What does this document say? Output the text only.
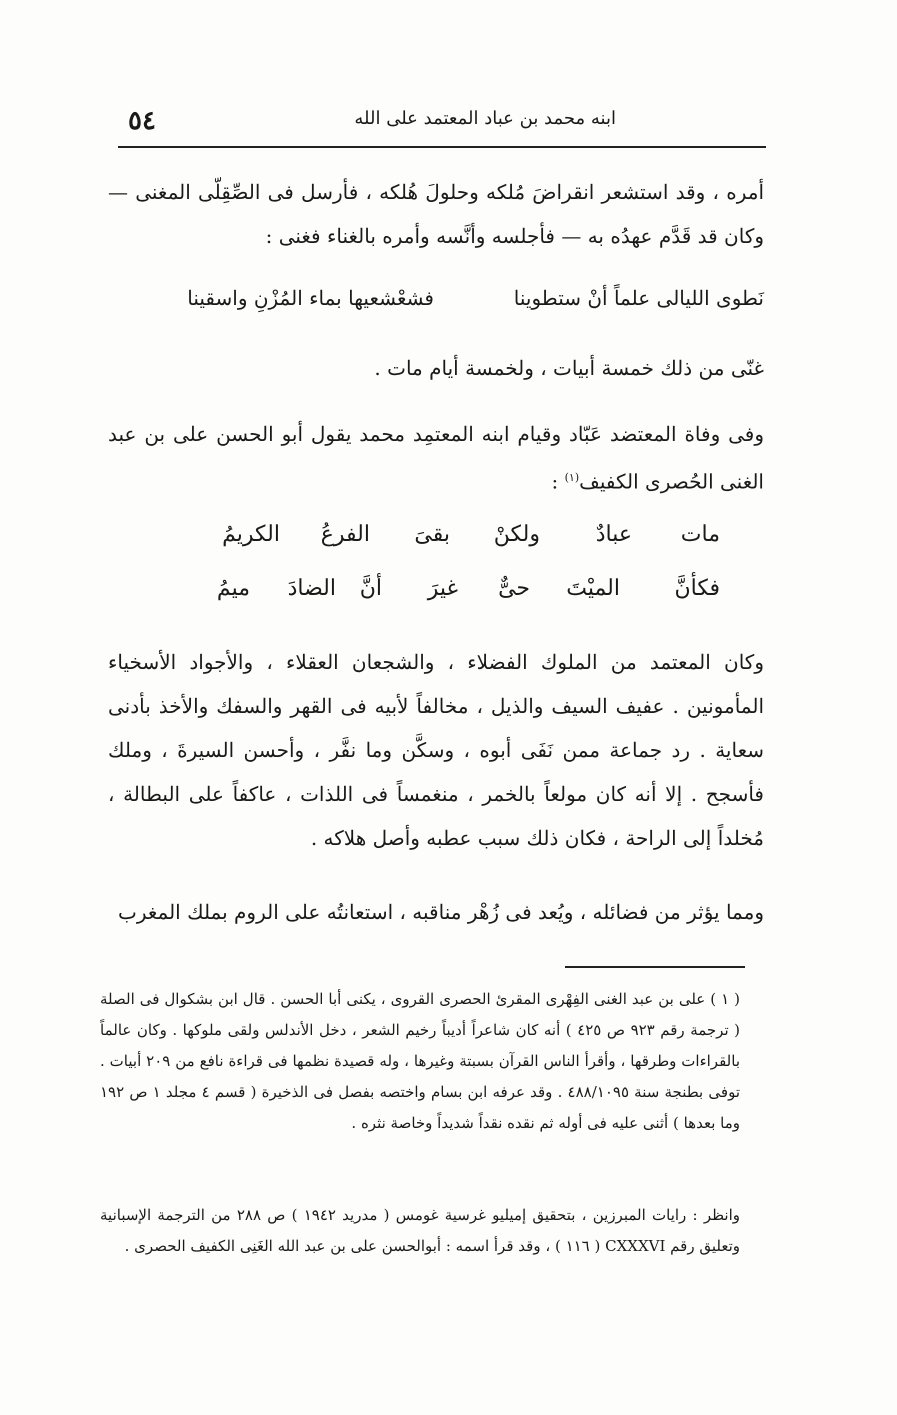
٥٤	ابنه محمد بن عباد المعتمد على الله

أمره ، وقد استشعر انقراضَ مُلكه وحلولَ هُلكه ، فأرسل فى الصِّقِلّى المغنى — وكان قد قَدَّم عهدُه به — فأجلسه وأنَّسه وأمره بالغناء فغنى :

نَطوى الليالى علماً أنْ ستطوينا
فشعْشعيها بماء المُزْنِ واسقينا

غنّى من ذلك خمسة أبيات ، ولخمسة أيام مات .

وفى وفاة المعتضد عَبّاد وقيام ابنه المعتمِد محمد يقول أبو الحسن على بن عبد الغنى الحُصرى الكفيف$^{(١)}$ :

مات
عبادٌ
ولكنْ
بقىَ
الفرعُ
الكريمُ
فكأنَّ
الميْتَ
حىٌّ
غيرَ
أنَّ
الضادَ
ميمُ

وكان المعتمد من الملوك الفضلاء ، والشجعان العقلاء ، والأجواد الأسخياء المأمونين . عفيف السيف والذيل ، مخالفاً لأبيه فى القهر والسفك والأخذ بأدنى سعاية . رد جماعة ممن نَفَى أبوه ، وسكَّن وما نفَّر ، وأحسن السيرةَ ، وملك فأسجح . إلا أنه كان مولعاً بالخمر ، منغمساً فى اللذات ، عاكفاً على البطالة ، مُخلداً إلى الراحة ، فكان ذلك سبب عطبه وأصل هلاكه .

ومما يؤثر من فضائله ، ويُعد فى زُهْر مناقبه ، استعانتُه على الروم بملك المغرب

( ١ ) على بن عبد الغنى الفِهْرى المقرئ الحصرى القروى ، يكنى أبا الحسن . قال ابن بشكوال فى الصلة ( ترجمة رقم ٩٢٣ ص ٤٢٥ ) أنه كان شاعراً أديباً رخيم الشعر ، دخل الأندلس ولقى ملوكها . وكان عالماً بالقراءات وطرقها ، وأقرأ الناس القرآن بسبتة وغيرها ، وله قصيدة نظمها فى قراءة نافع من ٢٠٩ أبيات . توفى بطنجة سنة ٤٨٨/١٠٩٥ . وقد عرفه ابن بسام واختصه بفصل فى الذخيرة ( قسم ٤ مجلد ١ ص ١٩٢ وما بعدها ) أثنى عليه فى أوله ثم نقده نقداً شديداً وخاصة نثره .

وانظر : رايات المبرزين ، بتحقيق إميليو غرسية غومس ( مدريد ١٩٤٢ ) ص ٢٨٨ من الترجمة الإسبانية وتعليق رقم CXXXVI ( ١١٦ ) ، وقد قرأ اسمه : أبوالحسن على بن عبد الله الغَنِى الكفيف الحصرى .
